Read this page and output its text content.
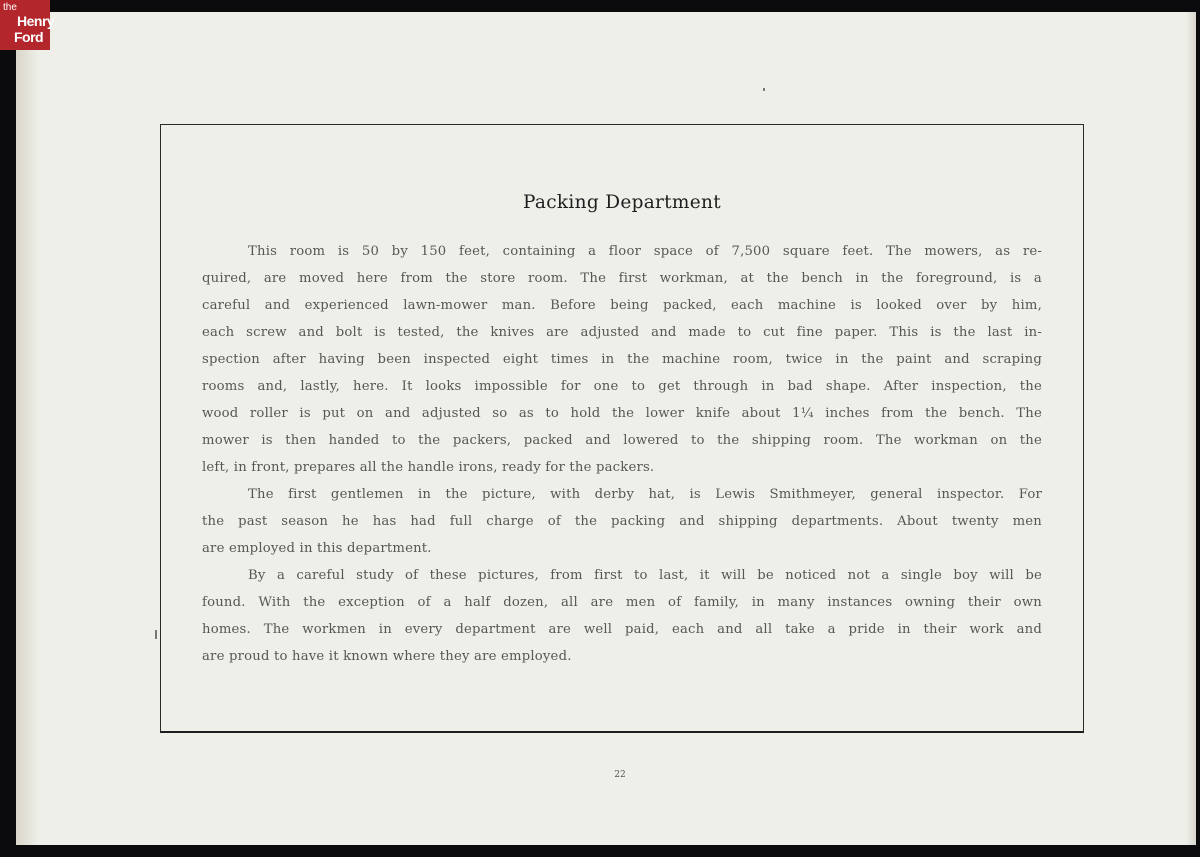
the
Henry
Ford
Packing Department

This room is 50 by 150 feet, containing a floor space of 7,500 square feet. The mowers, as re-
quired, are moved here from the store room. The first workman, at the bench in the foreground, is a
careful and experienced lawn-mower man. Before being packed, each machine is looked over by him,
each screw and bolt is tested, the knives are adjusted and made to cut fine paper. This is the last in-
spection after having been inspected eight times in the machine room, twice in the paint and scraping
rooms and, lastly, here. It looks impossible for one to get through in bad shape. After inspection, the
wood roller is put on and adjusted so as to hold the lower knife about 1¼ inches from the bench. The
mower is then handed to the packers, packed and lowered to the shipping room. The workman on the
left, in front, prepares all the handle irons, ready for the packers.

The first gentlemen in the picture, with derby hat, is Lewis Smithmeyer, general inspector. For
the past season he has had full charge of the packing and shipping departments. About twenty men
are employed in this department.

By a careful study of these pictures, from first to last, it will be noticed not a single boy will be
found. With the exception of a half dozen, all are men of family, in many instances owning their own
homes. The workmen in every department are well paid, each and all take a pride in their work and
are proud to have it known where they are employed.

22
